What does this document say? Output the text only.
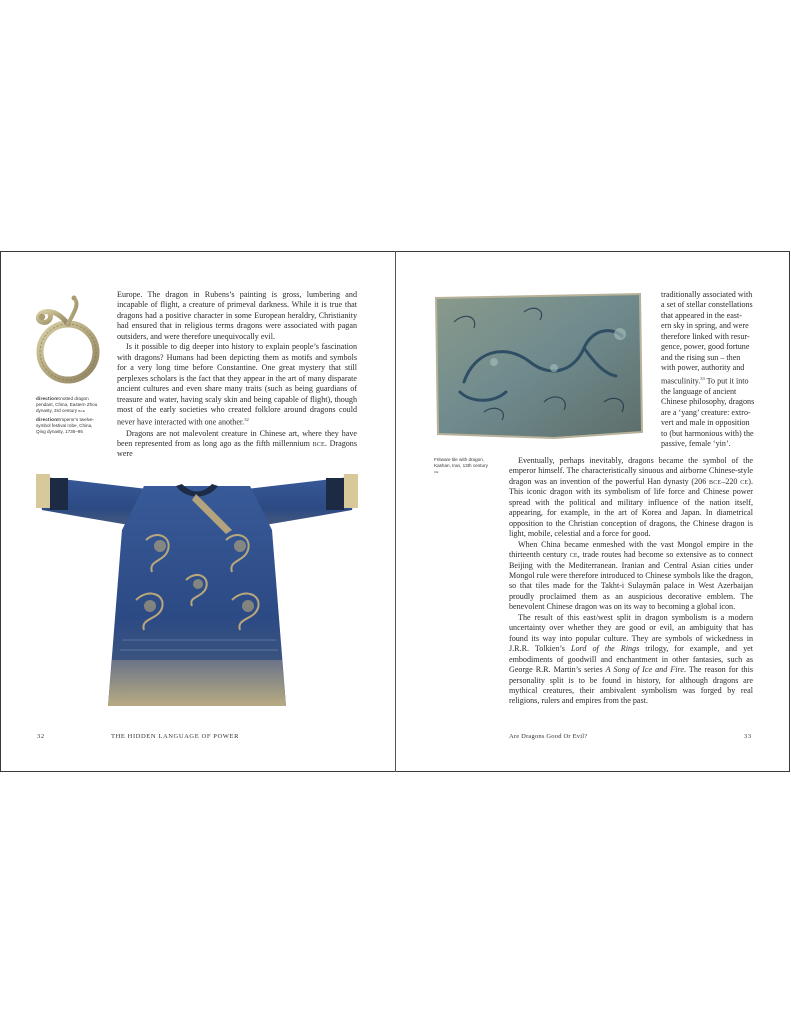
directionKnotted dragon pendant, China, Eastern Zhou dynasty, 3rd century bce

directionEmperor’s twelve-symbol festival robe, China, Qing dynasty, 1736–95

Europe. The dragon in Rubens’s painting is gross, lumbering and incapable of flight, a creature of primeval darkness. While it is true that dragons had a positive character in some European heraldry, Christianity had ensured that in religious terms dragons were associated with pagan outsiders, and were therefore unequivocally evil.

Is it possible to dig deeper into history to explain people’s fascination with dragons? Humans had been depicting them as motifs and symbols for a very long time before Constantine. One great mystery that still perplexes scholars is the fact that they appear in the art of many disparate ancient cultures and even share many traits (such as being guardians of treasure and water, having scaly skin and being capable of flight), though most of the early societies who created folklore around dragons could never have interacted with one another.$^{32}$

Dragons are not malevolent creature in Chinese art, where they have been represented from as long ago as the fifth millennium bce. Dragons were

32	THE HIDDEN LANGUAGE OF POWER

Fritware tile with dragon, Kashan, Iran, 13th century ce

traditionally associated with
a set of stellar constellations
that appeared in the east-
ern sky in spring, and were
therefore linked with resur-
gence, power, good fortune
and the rising sun – then
with power, authority and
masculinity.$^{33}$ To put it into
the language of ancient
Chinese philosophy, dragons
are a ‘yang’ creature: extro-
vert and male in opposition
to (but harmonious with) the
passive, female ‘yin’.

Eventually, perhaps inevitably, dragons became the symbol of the emperor himself. The characteristically sinuous and airborne Chinese-style dragon was an invention of the powerful Han dynasty (206 bce–220 ce). This iconic dragon with its symbolism of life force and Chinese power spread with the political and military influence of the nation itself, appearing, for example, in the art of Korea and Japan. In diametrical opposition to the Christian conception of dragons, the Chinese dragon is light, mobile, celestial and a force for good.

When China became enmeshed with the vast Mongol empire in the thirteenth century ce, trade routes had become so extensive as to connect Beijing with the Mediterranean. Iranian and Central Asian cities under Mongol rule were therefore introduced to Chinese symbols like the dragon, so that tiles made for the Takht-i Sulaymān palace in West Azerbaijan proudly proclaimed them as an auspicious decorative emblem. The benevolent Chinese dragon was on its way to becoming a global icon.

The result of this east/west split in dragon symbolism is a modern uncertainty over whether they are good or evil, an ambiguity that has found its way into popular culture. They are symbols of wickedness in J.R.R. Tolkien’s Lord of the Rings trilogy, for example, and yet embodiments of goodwill and enchantment in other fantasies, such as George R.R. Martin’s series A Song of Ice and Fire. The reason for this personality split is to be found in history, for although dragons are mythical creatures, their ambivalent symbolism was forged by real religions, rulers and empires from the past.

Are Dragons Good Or Evil?	33
